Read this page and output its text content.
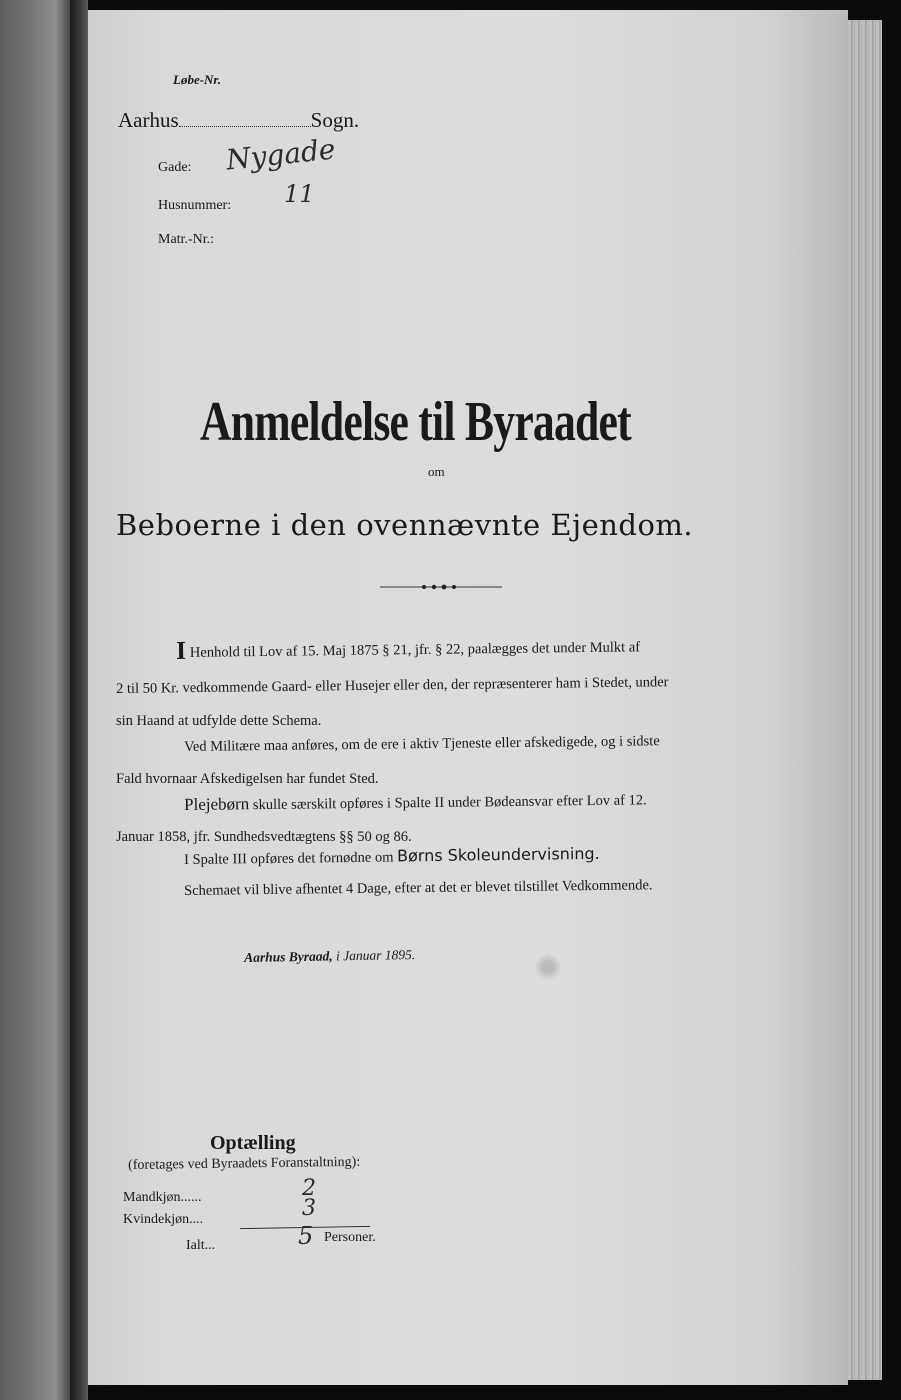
Løbe-Nr.
Aarhus	Sogn.
Gade: Nygade
Husnummer: 11
Matr.-Nr.:
Anmeldelse til Byraadet
om
Beboerne i den ovennævnte Ejendom.
I Henhold til Lov af 15. Maj 1875 § 21, jfr. § 22, paalægges det under Mulkt af
2 til 50 Kr. vedkommende Gaard- eller Husejer eller den, der repræsenterer ham i Stedet, under
sin Haand at udfylde dette Schema.
Ved Militære maa anføres, om de ere i aktiv Tjeneste eller afskedigede, og i sidste
Fald hvornaar Afskedigelsen har fundet Sted.
Plejebørn skulle særskilt opføres i Spalte II under Bødeansvar efter Lov af 12.
Januar 1858, jfr. Sundhedsvedtægtens §§ 50 og 86.
I Spalte III opføres det fornødne om Børns Skoleundervisning.
Schemaet vil blive afhentet 4 Dage, efter at det er blevet tilstillet Vedkommende.
Aarhus Byraad, i Januar 1895.
Optælling
(foretages ved Byraadets Foranstaltning):
Mandkjøn......	2
Kvindekjøn....	3
Ialt...	5 Personer.
